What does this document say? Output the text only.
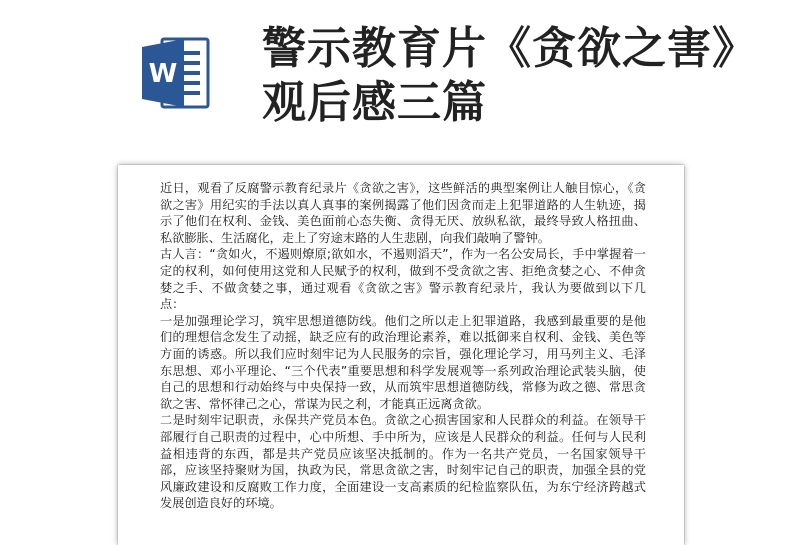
W 警示教育片《贪欲之害》观后感三篇

近日，观看了反腐警示教育纪录片《贪欲之害》，这些鲜活的典型案例让人触目惊心，《贪欲之害》用纪实的手法以真人真事的案例揭露了他们因贪而走上犯罪道路的人生轨迹，揭示了他们在权利、金钱、美色面前心态失衡、贪得无厌、放纵私欲，最终导致人格扭曲、私欲膨胀、生活腐化，走上了穷途末路的人生悲剧，向我们敲响了警钟。

古人言：“贪如火，不遏则燎原;欲如水，不遏则滔天”，作为一名公安局长，手中掌握着一定的权利，如何使用这党和人民赋予的权利，做到不受贪欲之害、拒绝贪婪之心、不伸贪婪之手、不做贪婪之事，通过观看《贪欲之害》警示教育纪录片，我认为要做到以下几点：

一是加强理论学习，筑牢思想道德防线。他们之所以走上犯罪道路，我感到最重要的是他们的理想信念发生了动摇，缺乏应有的政治理论素养，难以抵御来自权利、金钱、美色等方面的诱惑。所以我们应时刻牢记为人民服务的宗旨，强化理论学习，用马列主义、毛泽东思想、邓小平理论、“三个代表”重要思想和科学发展观等一系列政治理论武装头脑，使自己的思想和行动始终与中央保持一致，从而筑牢思想道德防线，常修为政之德、常思贪欲之害、常怀律己之心，常谋为民之利，才能真正远离贪欲。

二是时刻牢记职责，永保共产党员本色。贪欲之心损害国家和人民群众的利益。在领导干部履行自己职责的过程中，心中所想、手中所为，应该是人民群众的利益。任何与人民利益相违背的东西，都是共产党员应该坚决抵制的。作为一名共产党员，一名国家领导干部，应该坚持聚财为国，执政为民，常思贪欲之害，时刻牢记自己的职责，加强全县的党风廉政建设和反腐败工作力度，全面建设一支高素质的纪检监察队伍，为东宁经济跨越式发展创造良好的环境。
